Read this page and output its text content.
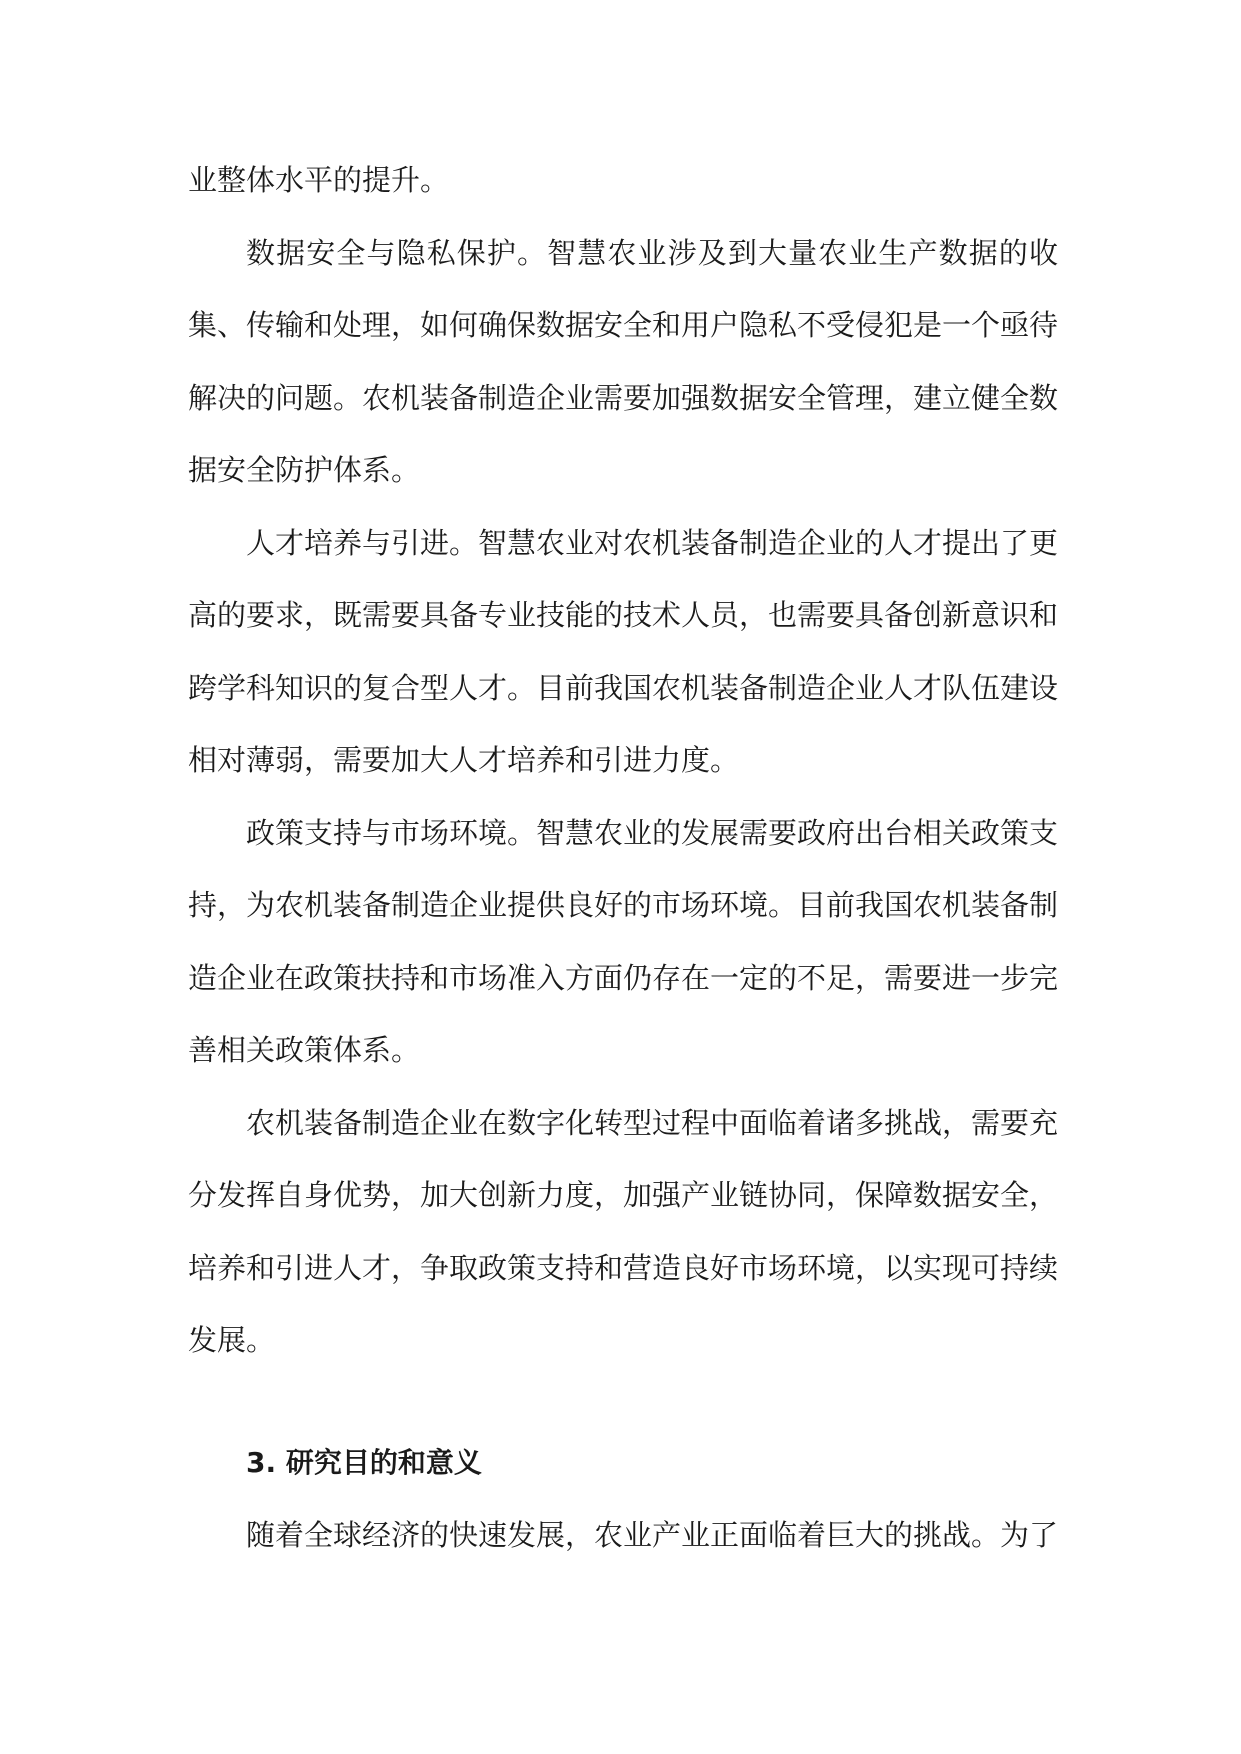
业整体水平的提升。

数据安全与隐私保护。智慧农业涉及到大量农业生产数据的收集、传输和处理，如何确保数据安全和用户隐私不受侵犯是一个亟待解决的问题。农机装备制造企业需要加强数据安全管理，建立健全数据安全防护体系。

人才培养与引进。智慧农业对农机装备制造企业的人才提出了更高的要求，既需要具备专业技能的技术人员，也需要具备创新意识和跨学科知识的复合型人才。目前我国农机装备制造企业人才队伍建设相对薄弱，需要加大人才培养和引进力度。

政策支持与市场环境。智慧农业的发展需要政府出台相关政策支持，为农机装备制造企业提供良好的市场环境。目前我国农机装备制造企业在政策扶持和市场准入方面仍存在一定的不足，需要进一步完善相关政策体系。

农机装备制造企业在数字化转型过程中面临着诸多挑战，需要充分发挥自身优势，加大创新力度，加强产业链协同，保障数据安全，培养和引进人才，争取政策支持和营造良好市场环境，以实现可持续发展。

3. 研究目的和意义

随着全球经济的快速发展，农业产业正面临着巨大的挑战。为了
